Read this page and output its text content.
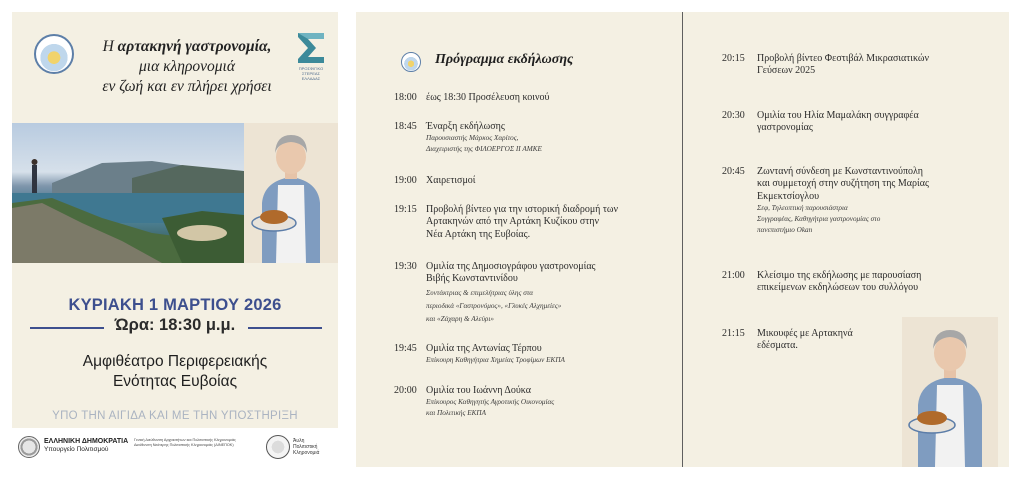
Η αρτακηνή γαστρονομία,
μια κληρονομιά
εν ζωή και εν πλήρει χρήσει
ΠΡΟΣΦΙΓΙΚΟ ΣΤΕΡΕΑΣ ΕΛΛΑΔΑΣ
ΚΥΡΙΑΚΗ 1 ΜΑΡΤΙΟΥ 2026
Ώρα: 18:30 μ.μ.
Αμφιθέατρο Περιφερειακής
Ενότητας Ευβοίας
ΥΠΟ ΤΗΝ ΑΙΓΙΔΑ ΚΑΙ ΜΕ ΤΗΝ ΥΠΟΣΤΗΡΙΞΗ
ΕΛΛΗΝΙΚΗ ΔΗΜΟΚΡΑΤΙΑ
Υπουργείο Πολιτισμού
Γενική Διεύθυνση Αρχαιοτήτων και Πολιτιστικής Κληρονομιάς Διεύθυνση Νεότερης Πολιτιστικής Κληρονομιάς (ΔΙΝΕΠΟΚ)
Άυλη
Πολιτιστική
Κληρονομιά
Πρόγραμμα εκδήλωσης
18:00 έως 18:30 Προσέλευση κοινού
18:45 Έναρξη εκδήλωσης
Παρουσιαστής Μάρκος Χαρίτος,
Διαχειριστής της ΦΙΛΟΕΡΓΟΣ ΙΙ ΑΜΚΕ
19:00 Χαιρετισμοί
19:15 Προβολή βίντεο για την ιστορική διαδρομή των
Αρτακηνών από την Αρτάκη Κυζίκου στην
Νέα Αρτάκη της Ευβοίας.
19:30 Ομιλία της Δημοσιογράφου γαστρονομίας
Βιβής Κωνσταντινίδου
Συντάκτριας & επιμελήτριας ύλης στα
περιοδικά «Γαστρονόμος», «Γλυκές Αλχημείες»
και «Ζάχαρη & Αλεύρι»
19:45 Ομιλία της Αντωνίας Τέρπου
Επίκουρη Καθηγήτρια Χημείας Τροφίμων ΕΚΠΑ
20:00 Ομιλία του Ιωάννη Δούκα
Επίκουρος Καθηγητής Αγροτικής Οικονομίας
και Πολιτικής ΕΚΠΑ
20:15 Προβολή βίντεο Φεστιβάλ Μικρασιατικών
Γεύσεων 2025
20:30 Ομιλία του Ηλία Μαμαλάκη συγγραφέα
γαστρονομίας
20:45 Ζωντανή σύνδεση με Κωνσταντινούπολη
και συμμετοχή στην συζήτηση της Μαρίας
Εκμεκτσίογλου
Σεφ, Τηλεοπτική παρουσιάστρια
Συγγραφέας, Καθηγήτρια γαστρονομίας στο
πανεπιστήμιο Okan
21:00 Κλείσιμο της εκδήλωσης με παρουσίαση
επικείμενων εκδηλώσεων του συλλόγου
21:15 Μικουφές με Αρτακηνά
εδέσματα.
